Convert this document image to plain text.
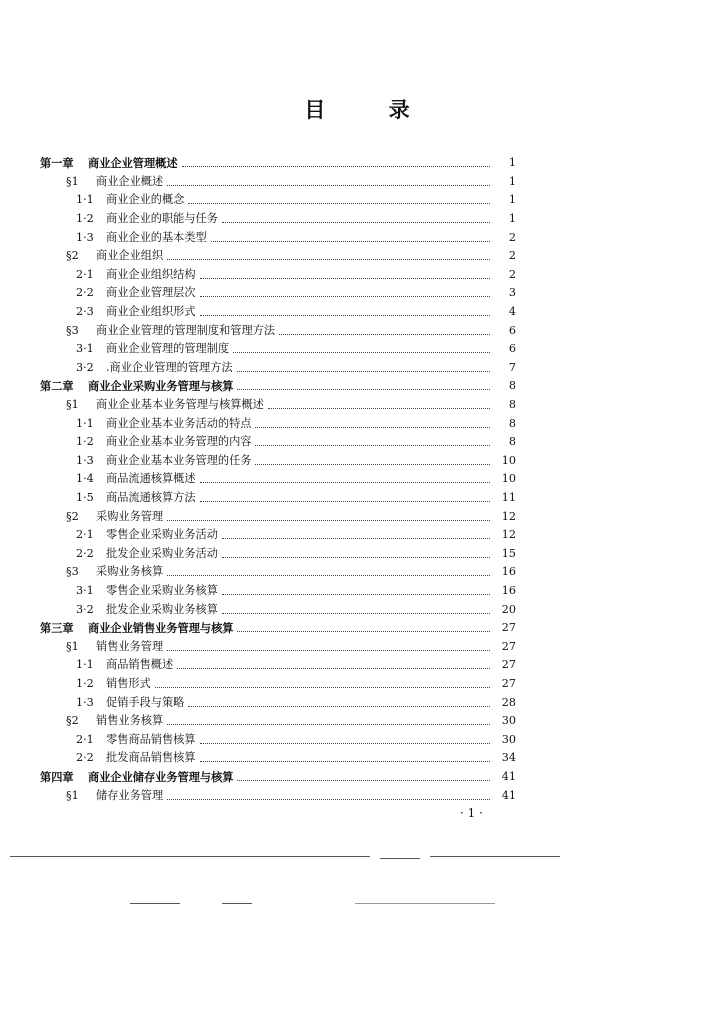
目 录
第一章	商业企业管理概述	1
§1	商业企业概述	1
1·1	商业企业的概念	1
1·2	商业企业的职能与任务	1
1·3	商业企业的基本类型	2
§2	商业企业组织	2
2·1	商业企业组织结构	2
2·2	商业企业管理层次	3
2·3	商业企业组织形式	4
§3	商业企业管理的管理制度和管理方法	6
3·1	商业企业管理的管理制度	6
3·2	.商业企业管理的管理方法	7
第二章	商业企业采购业务管理与核算	8
§1	商业企业基本业务管理与核算概述	8
1·1	商业企业基本业务活动的特点	8
1·2	商业企业基本业务管理的内容	8
1·3	商业企业基本业务管理的任务	10
1·4	商品流通核算概述	10
1·5	商品流通核算方法	11
§2	采购业务管理	12
2·1	零售企业采购业务活动	12
2·2	批发企业采购业务活动	15
§3	采购业务核算	16
3·1	零售企业采购业务核算	16
3·2	批发企业采购业务核算	20
第三章	商业企业销售业务管理与核算	27
§1	销售业务管理	27
1·1	商品销售概述	27
1·2	销售形式	27
1·3	促销手段与策略	28
§2	销售业务核算	30
2·1	零售商品销售核算	30
2·2	批发商品销售核算	34
第四章	商业企业储存业务管理与核算	41
§1	储存业务管理	41
· 1 ·
